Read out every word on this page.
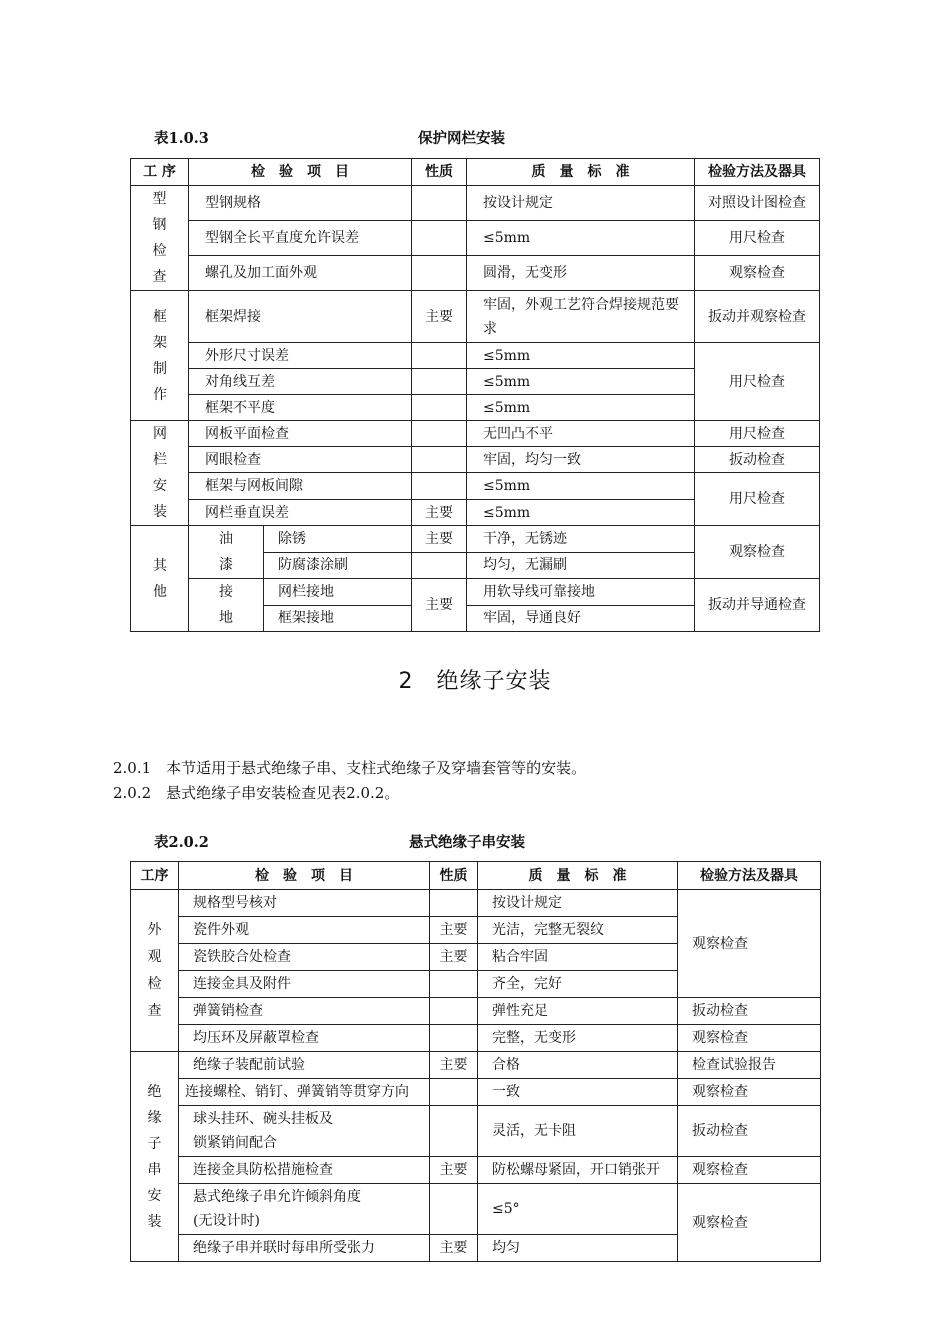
表1.0.3	保护网栏安装
工 序	检　验　项　目		性质	质　量　标　准	检验方法及器具

型钢检查	型钢规格			按设计规定	对照设计图检查
	型钢全长平直度允许误差			≤5mm	用尺检查
	螺孔及加工面外观			圆滑，无变形	观察检查

框架制作	框架焊接		主要	牢固，外观工艺符合焊接规范要求	扳动并观察检查
	外形尺寸误差			≤5mm	用尺检查
	对角线互差			≤5mm	
	框架不平度			≤5mm	

网栏安装	网板平面检查			无凹凸不平	用尺检查
	网眼检查			牢固，均匀一致	扳动检查
	框架与网板间隙			≤5mm	用尺检查
	网栏垂直误差		主要	≤5mm	

其他	油漆	除锈	主要	干净，无锈迹	观察检查
		防腐漆涂刷		均匀，无漏刷	

	接地	网栏接地	主要	用软导线可靠接地	扳动并导通检查
		框架接地		牢固，导通良好	
2　绝缘子安装
2.0.1　本节适用于悬式绝缘子串、支柱式绝缘子及穿墙套管等的安装。
2.0.2　悬式绝缘子串安装检查见表2.0.2。
表2.0.2	悬式绝缘子串安装
工序	检　验　项　目	性质	质　量　标　准	检验方法及器具

外观检查	规格型号核对		按设计规定	观察检查
	瓷件外观	主要	光洁，完整无裂纹	
	瓷铁胶合处检查	主要	粘合牢固	
	连接金具及附件		齐全，完好	
	弹簧销检查		弹性充足	扳动检查
	均压环及屏蔽罩检查		完整，无变形	观察检查

绝缘子串安装	绝缘子装配前试验	主要	合格	检查试验报告
	连接螺栓、销钉、弹簧销等贯穿方向		一致	观察检查

	球头挂环、碗头挂板及
锁紧销间配合		灵活，无卡阻	扳动检查
	连接金具防松措施检查	主要	防松螺母紧固，开口销张开	观察检查

	悬式绝缘子串允许倾斜角度
(无设计时)		≤5°	观察检查
	绝缘子串并联时每串所受张力	主要	均匀	
